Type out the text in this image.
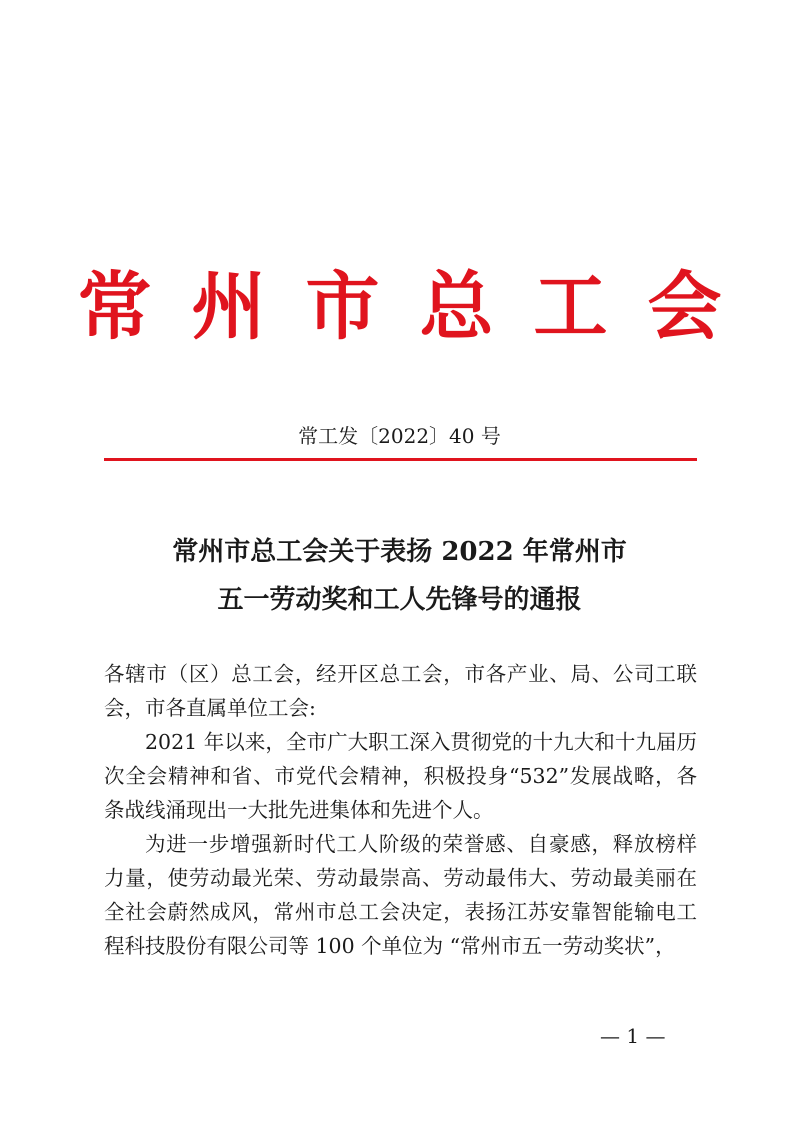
常州市总工会
常工发〔2022〕40 号
常州市总工会关于表扬 2022 年常州市
五一劳动奖和工人先锋号的通报

各辖市（区）总工会，经开区总工会，市各产业、局、公司工联会，市各直属单位工会:

2021 年以来，全市广大职工深入贯彻党的十九大和十九届历次全会精神和省、市党代会精神，积极投身“532”发展战略，各条战线涌现出一大批先进集体和先进个人。

为进一步增强新时代工人阶级的荣誉感、自豪感，释放榜样力量，使劳动最光荣、劳动最崇高、劳动最伟大、劳动最美丽在全社会蔚然成风，常州市总工会决定，表扬江苏安靠智能输电工程科技股份有限公司等 100 个单位为 “常州市五一劳动奖状”，

— 1 —
